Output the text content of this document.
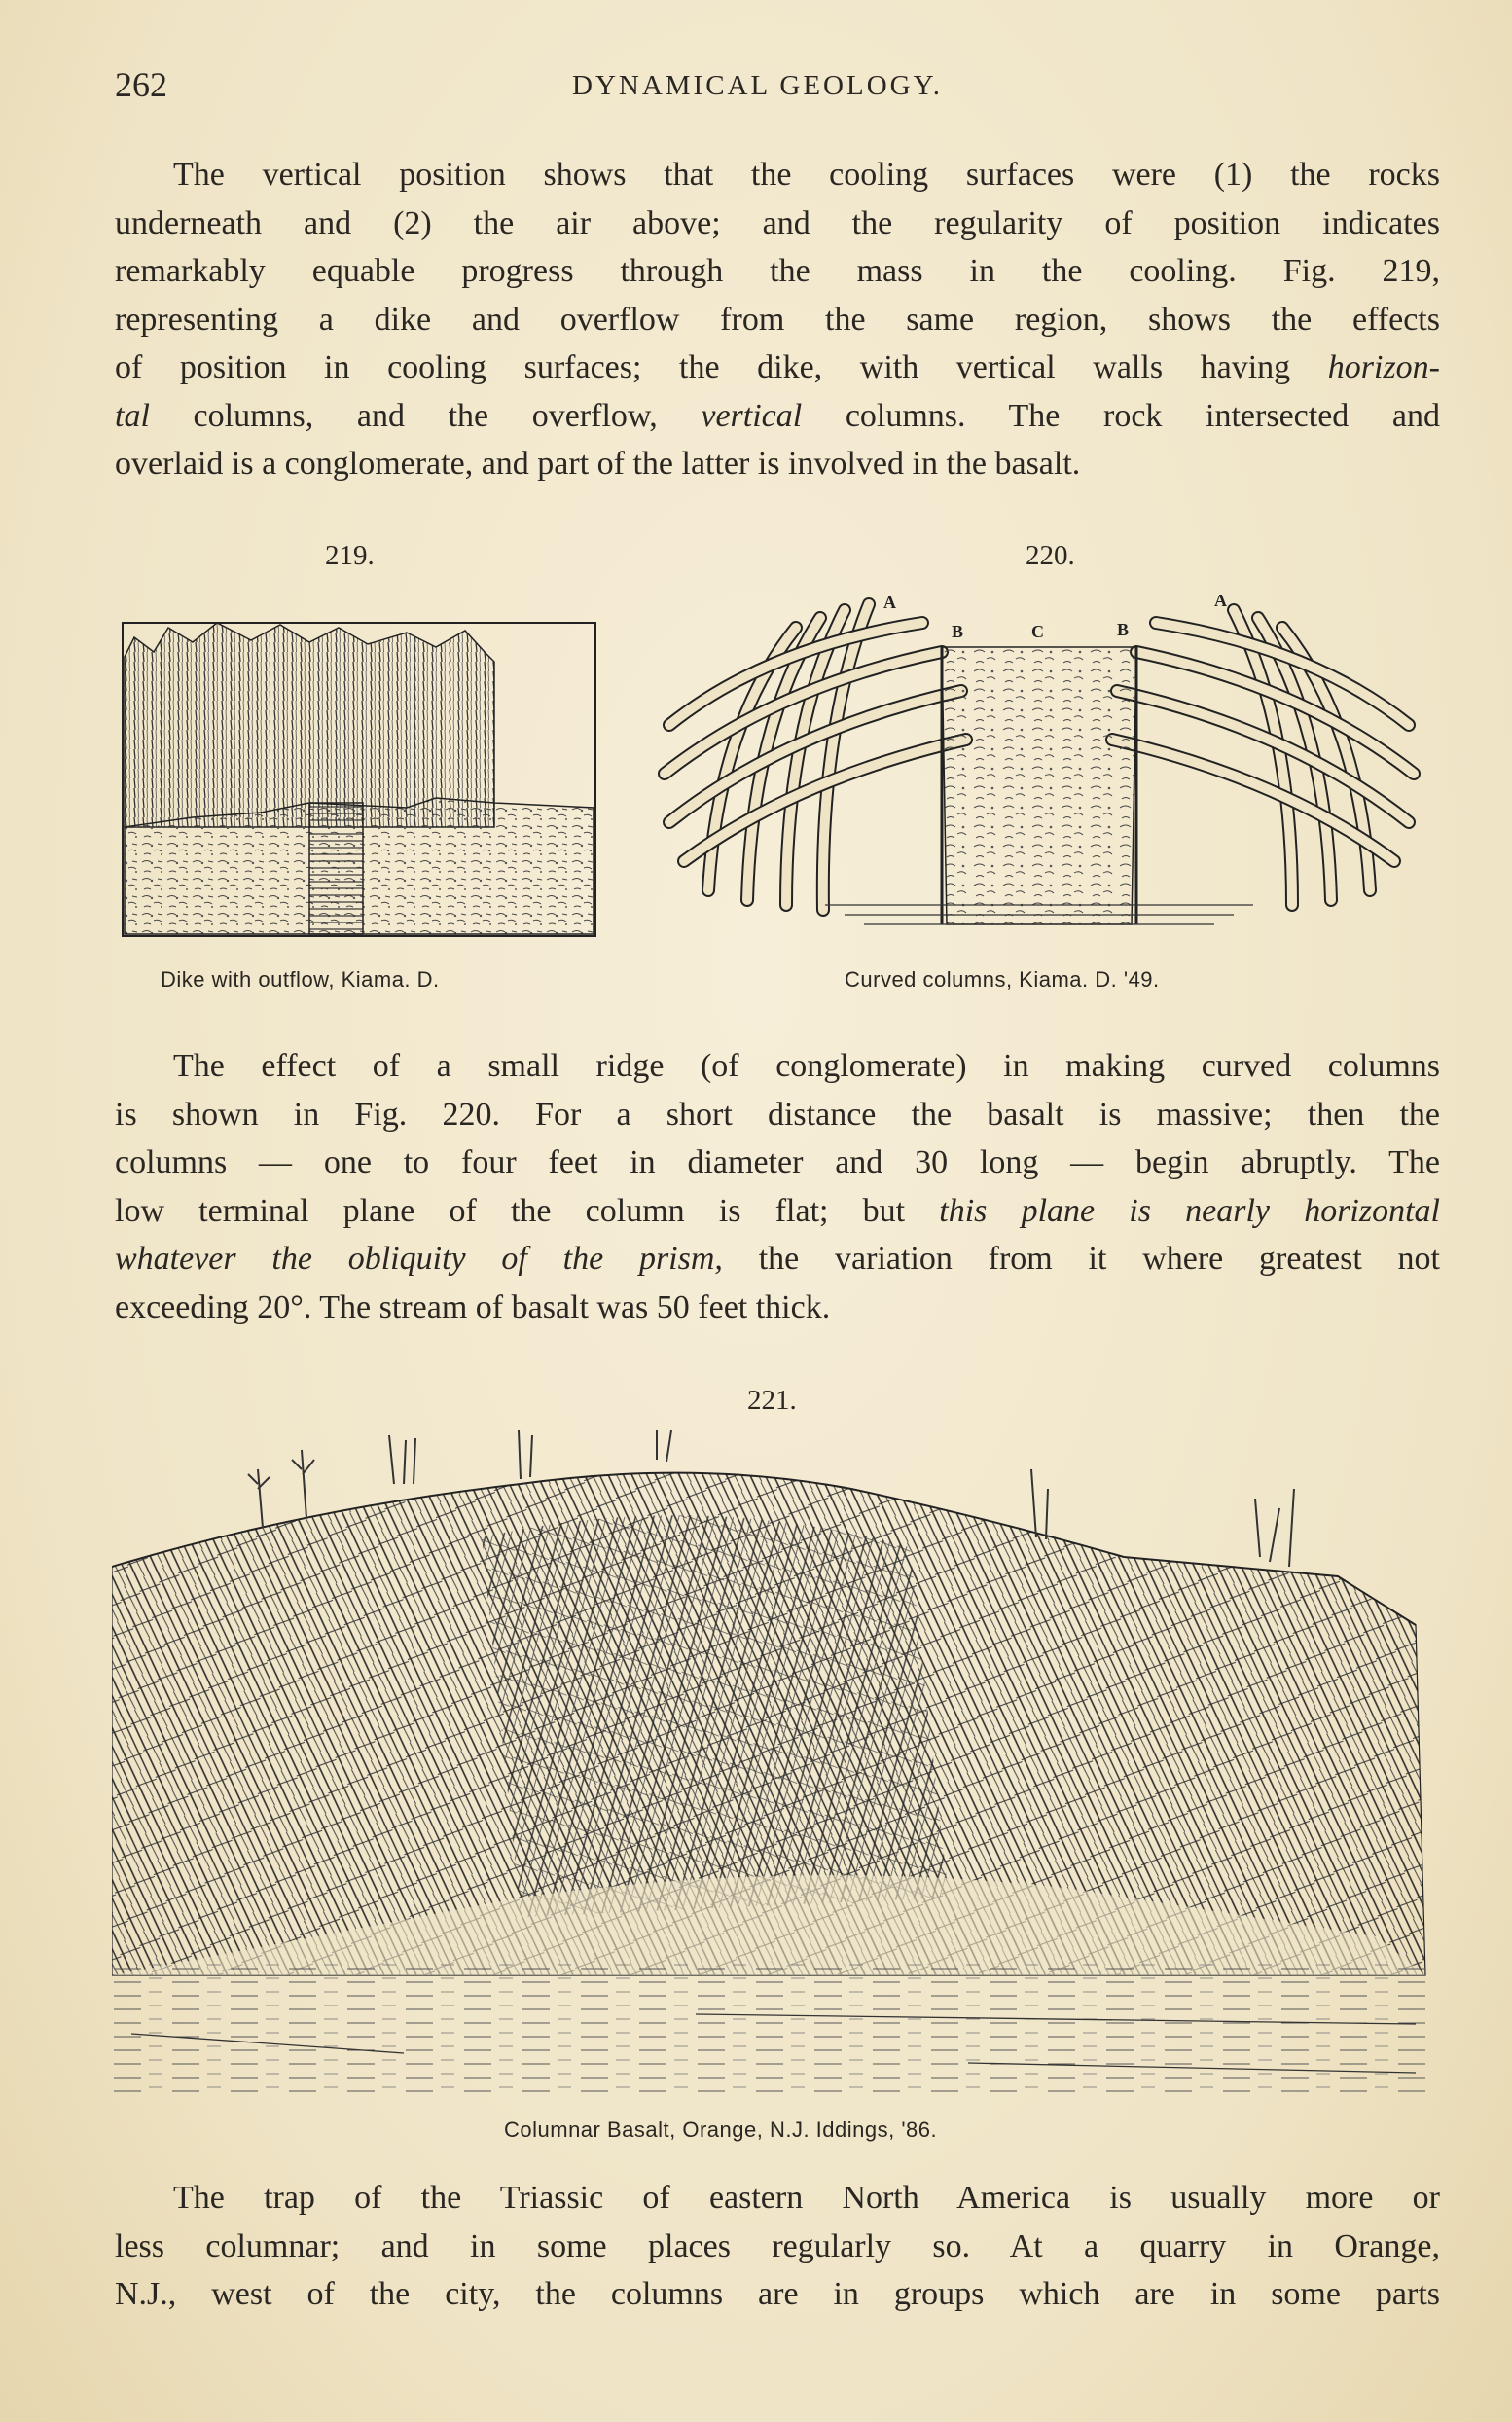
262	DYNAMICAL GEOLOGY.
The vertical position shows that the cooling surfaces were (1) the rocks
underneath and (2) the air above; and the regularity of position indicates
remarkably equable progress through the mass in the cooling. Fig. 219,
representing a dike and overflow from the same region, shows the effects
of position in cooling surfaces; the dike, with vertical walls having horizon-
tal columns, and the overflow, vertical columns. The rock intersected and
overlaid is a conglomerate, and part of the latter is involved in the basalt.
219.	220.
A
B	C	B
A
Dike with outflow, Kiama. D.	Curved columns, Kiama. D. '49.
The effect of a small ridge (of conglomerate) in making curved columns
is shown in Fig. 220. For a short distance the basalt is massive; then the
columns — one to four feet in diameter and 30 long — begin abruptly. The
low terminal plane of the column is flat; but this plane is nearly horizontal
whatever the obliquity of the prism, the variation from it where greatest not
exceeding 20°. The stream of basalt was 50 feet thick.
221.
Columnar Basalt, Orange, N.J. Iddings, '86.
The trap of the Triassic of eastern North America is usually more or
less columnar; and in some places regularly so. At a quarry in Orange,
N.J., west of the city, the columns are in groups which are in some parts
